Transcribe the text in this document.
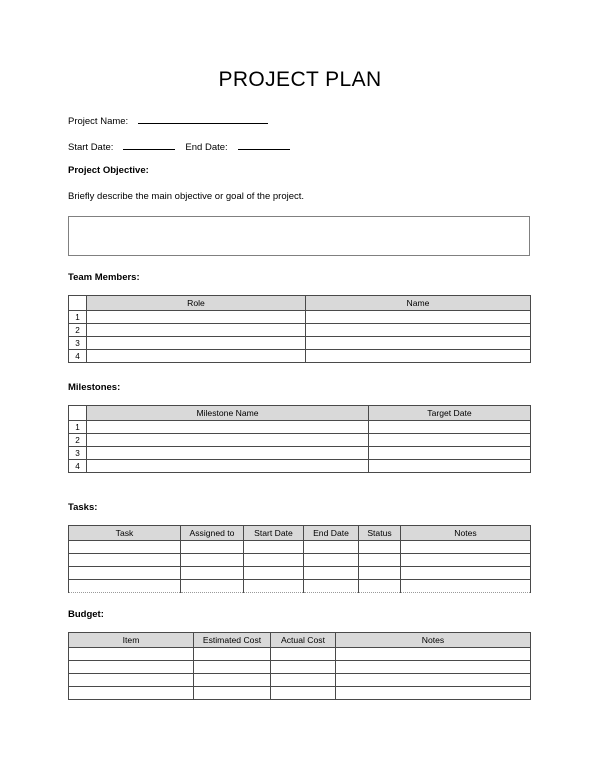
PROJECT PLAN
Project Name:
Start Date:	End Date:
Project Objective:
Briefly describe the main objective or goal of the project.
Team Members:
	Role	Name
1		
2		
3		
4		
Milestones:
	Milestone Name	Target Date
1		
2		
3		
4		
Tasks:
Task	Assigned to	Start Date	End Date	Status	Notes

Budget:
Item	Estimated Cost	Actual Cost	Notes
